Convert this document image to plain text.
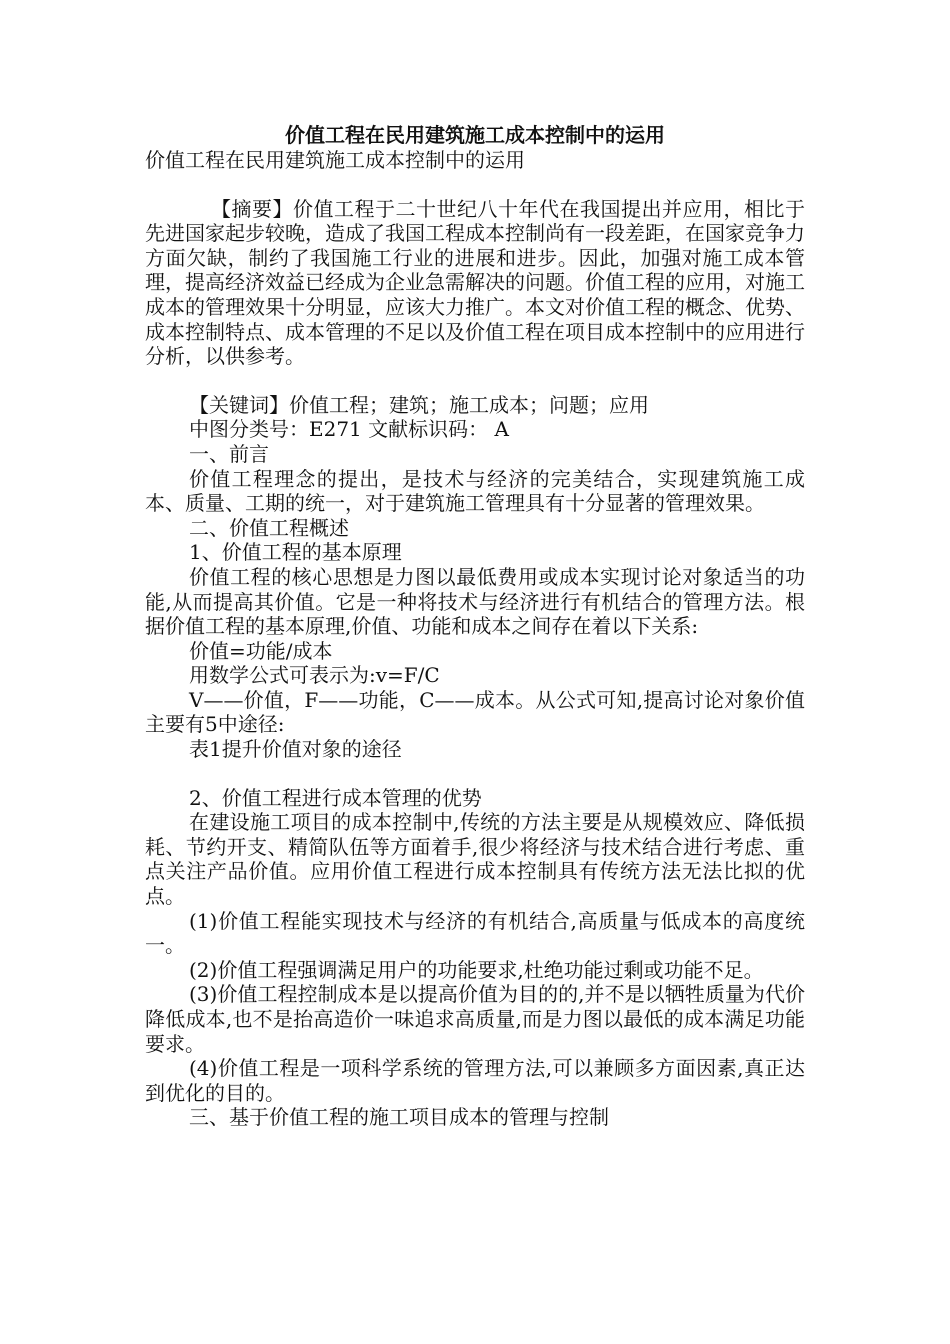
价值工程在民用建筑施工成本控制中的运用
价值工程在民用建筑施工成本控制中的运用
【摘要】价值工程于二十世纪八十年代在我国提出并应用，相比于先进国家起步较晚，造成了我国工程成本控制尚有一段差距，在国家竞争力方面欠缺，制约了我国施工行业的进展和进步。因此，加强对施工成本管理，提高经济效益已经成为企业急需解决的问题。价值工程的应用，对施工成本的管理效果十分明显，应该大力推广。本文对价值工程的概念、优势、成本控制特点、成本管理的不足以及价值工程在项目成本控制中的应用进行分析，以供参考。
【关键词】价值工程；建筑；施工成本；问题；应用
中图分类号：E271 文献标识码： A
一、前言
价值工程理念的提出，是技术与经济的完美结合，实现建筑施工成本、质量、工期的统一，对于建筑施工管理具有十分显著的管理效果。
二、价值工程概述
1、价值工程的基本原理
价值工程的核心思想是力图以最低费用或成本实现讨论对象适当的功能,从而提高其价值。它是一种将技术与经济进行有机结合的管理方法。根据价值工程的基本原理,价值、功能和成本之间存在着以下关系:
价值=功能/成本
用数学公式可表示为:v=F/C
V——价值，F——功能，C——成本。从公式可知,提高讨论对象价值主要有5中途径:
表1提升价值对象的途径
2、价值工程进行成本管理的优势
在建设施工项目的成本控制中,传统的方法主要是从规模效应、降低损耗、节约开支、精简队伍等方面着手,很少将经济与技术结合进行考虑、重点关注产品价值。应用价值工程进行成本控制具有传统方法无法比拟的优点。
(1)价值工程能实现技术与经济的有机结合,高质量与低成本的高度统一。
(2)价值工程强调满足用户的功能要求,杜绝功能过剩或功能不足。
(3)价值工程控制成本是以提高价值为目的的,并不是以牺牲质量为代价降低成本,也不是抬高造价一味追求高质量,而是力图以最低的成本满足功能要求。
(4)价值工程是一项科学系统的管理方法,可以兼顾多方面因素,真正达到优化的目的。
三、基于价值工程的施工项目成本的管理与控制
